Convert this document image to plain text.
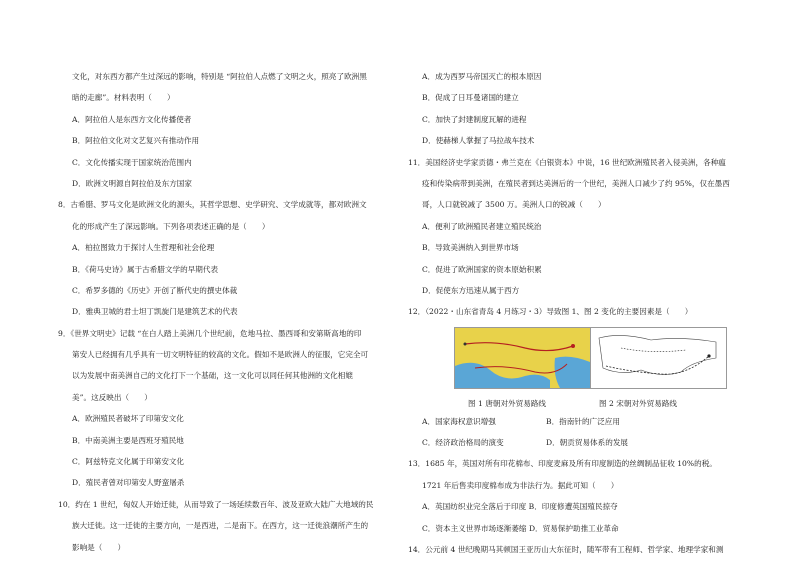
文化，对东西方都产生过深远的影响，特别是 “阿拉伯人点燃了文明之火，照亮了欧洲黑
暗的走廊”。材料表明（　　）
A．阿拉伯人是东西方文化传播使者
B．阿拉伯文化对文艺复兴有推动作用
C．文化传播实现于国家统治范围内
D．欧洲文明源自阿拉伯及东方国家
8．古希腊、罗马文化是欧洲文化的源头，其哲学思想、史学研究、文学成就等，都对欧洲文
化的形成产生了深远影响。下列各项表述正确的是（　　）
A．柏拉图致力于探讨人生哲理和社会伦理
B．《荷马史诗》属于古希腊文学的早期代表
C．希罗多德的《历史》开创了断代史的撰史体裁
D．雅典卫城的君士坦丁凯旋门是建筑艺术的代表
9．《世界文明史》记载 “在白人踏上美洲几个世纪前，危地马拉、墨西哥和安第斯高地的印
第安人已经拥有几乎具有一切文明特征的较高的文化。假如不是欧洲人的征服，它完全可
以为发展中南美洲自己的文化打下一个基础，这一文化可以同任何其他洲的文化相媲
美”。这反映出（　　）
A．欧洲殖民者破坏了印第安文化
B．中南美洲主要是西班牙殖民地
C．阿兹特克文化属于印第安文化
D．殖民者曾对印第安人野蛮屠杀
10．约在 1 世纪，匈奴人开始迁徙，从而导致了一场延续数百年、波及亚欧大陆广大地域的民
族大迁徙。这一迁徙的主要方向，一是西进，二是南下。在西方，这一迁徙浪潮所产生的
影响是（　　）
A．成为西罗马帝国灭亡的根本原因
B．促成了日耳曼诸国的建立
C．加快了封建制度瓦解的进程
D．使赫梯人掌握了马拉战车技术
11．美国经济史学家贡德・弗兰克在《白银资本》中说，16 世纪欧洲殖民者入侵美洲，各种瘟
疫和传染病带到美洲，在殖民者到达美洲后的一个世纪，美洲人口减少了约 95%，仅在墨西
哥，人口就锐减了 3500 万。美洲人口的锐减（　　）
A．便利了欧洲殖民者建立殖民统治
B．导致美洲纳入到世界市场
C．促进了欧洲国家的资本原始积累
D．促使东方迅速从属于西方
12．（2022・山东省青岛 4 月练习・3）导致图 1、图 2 变化的主要因素是（　　）
图 1 唐朝对外贸易路线	图 2 宋朝对外贸易路线
A．国家海权意识增强	B．指南针的广泛应用
C．经济政治格局的演变	D．朝贡贸易体系的发展
13．1685 年，英国对所有印花棉布、印度麦麻及所有印度制造的丝绸制品征收 10%的税。
1721 年后售卖印度棉布成为非法行为。据此可知（　　）
A．英国纺织业完全落后于印度 B．印度修遭英国殖民掠夺
C．资本主义世界市场逐渐萎缩 D．贸易保护助推工业革命
14．公元前 4 世纪晚期马其顿国王亚历山大东征时，随军带有工程师、哲学家、地理学家和测
